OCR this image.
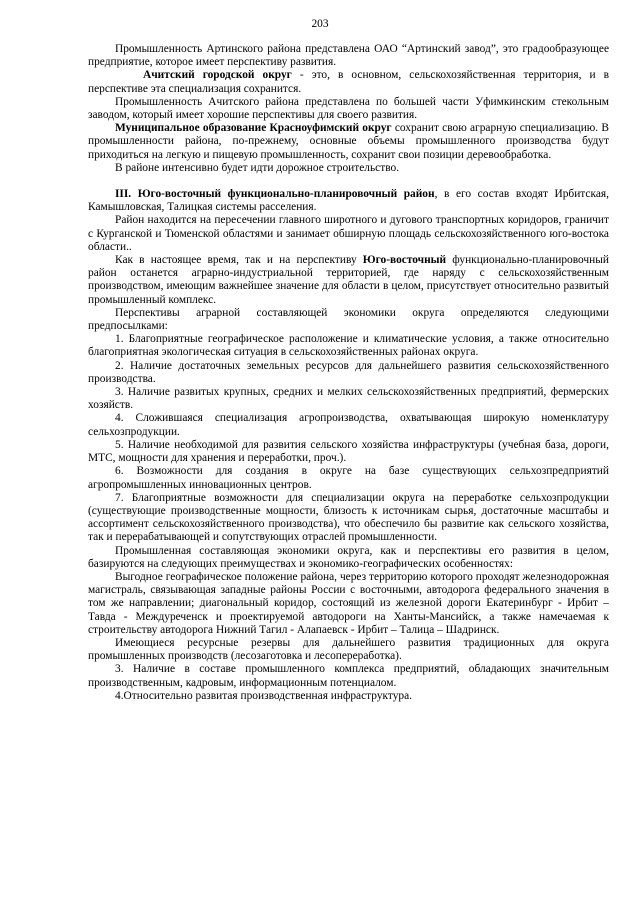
203

Промышленность Артинского района представлена ОАО “Артинский завод”, это градообразующее предприятие, которое имеет перспективу развития.

Ачитский городской округ - это, в основном, сельскохозяйственная территория, и в перспективе эта специализация сохранится.

Промышленность Ачитского района представлена по большей части Уфимкинским стекольным заводом, который имеет хорошие перспективы для своего развития.

Муниципальное образование Красноуфимский округ сохранит свою аграрную специализацию. В промышленности района, по-прежнему, основные объемы промышленного производства будут приходиться на легкую и пищевую промышленность, сохранит свои позиции деревообработка.

В районе интенсивно будет идти дорожное строительство.

III. Юго-восточный функционально-планировочный район, в его состав входят Ирбитская, Камышловская, Талицкая системы расселения.

Район находится на пересечении главного широтного и дугового транспортных коридоров, граничит с Курганской и Тюменской областями и занимает обширную площадь сельскохозяйственного юго-востока области..

Как в настоящее время, так и на перспективу Юго-восточный функционально-планировочный район останется аграрно-индустриальной территорией, где наряду с сельскохозяйственным производством, имеющим важнейшее значение для области в целом, присутствует относительно развитый промышленный комплекс.

Перспективы аграрной составляющей экономики округа определяются следующими предпосылками:

1. Благоприятные географическое расположение и климатические условия, а также относительно благоприятная экологическая ситуация в сельскохозяйственных районах округа.

2. Наличие достаточных земельных ресурсов для дальнейшего развития сельскохозяйственного производства.

3. Наличие развитых крупных, средних и мелких сельскохозяйственных предприятий, фермерских хозяйств.

4. Сложившаяся специализация агропроизводства, охватывающая широкую номенклатуру сельхозпродукции.

5. Наличие необходимой для развития сельского хозяйства инфраструктуры (учебная база, дороги, МТС, мощности для хранения и переработки, проч.).

6. Возможности для создания в округе на базе существующих сельхозпредприятий агропромышленных инновационных центров.

7. Благоприятные возможности для специализации округа на переработке сельхозпродукции (существующие производственные мощности, близость к источникам сырья, достаточные масштабы и ассортимент сельскохозяйственного производства), что обеспечило бы развитие как сельского хозяйства, так и перерабатывающей и сопутствующих отраслей промышленности.

Промышленная составляющая экономики округа, как и перспективы его развития в целом, базируются на следующих преимуществах и экономико-географических особенностях:

Выгодное географическое положение района, через территорию которого проходят железнодорожная магистраль, связывающая западные районы России с восточными, автодорога федерального значения в том же направлении; диагональный коридор, состоящий из железной дороги Екатеринбург - Ирбит – Тавда - Междуреченск и проектируемой автодороги на Ханты-Мансийск, а также намечаемая к строительству автодорога Нижний Тагил - Алапаевск - Ирбит – Талица – Шадринск.

Имеющиеся ресурсные резервы для дальнейшего развития традиционных для округа промышленных производств (лесозаготовка и лесопереработка).

3. Наличие в составе промышленного комплекса предприятий, обладающих значительным производственным, кадровым, информационным потенциалом.

4.Относительно развитая производственная инфраструктура.
